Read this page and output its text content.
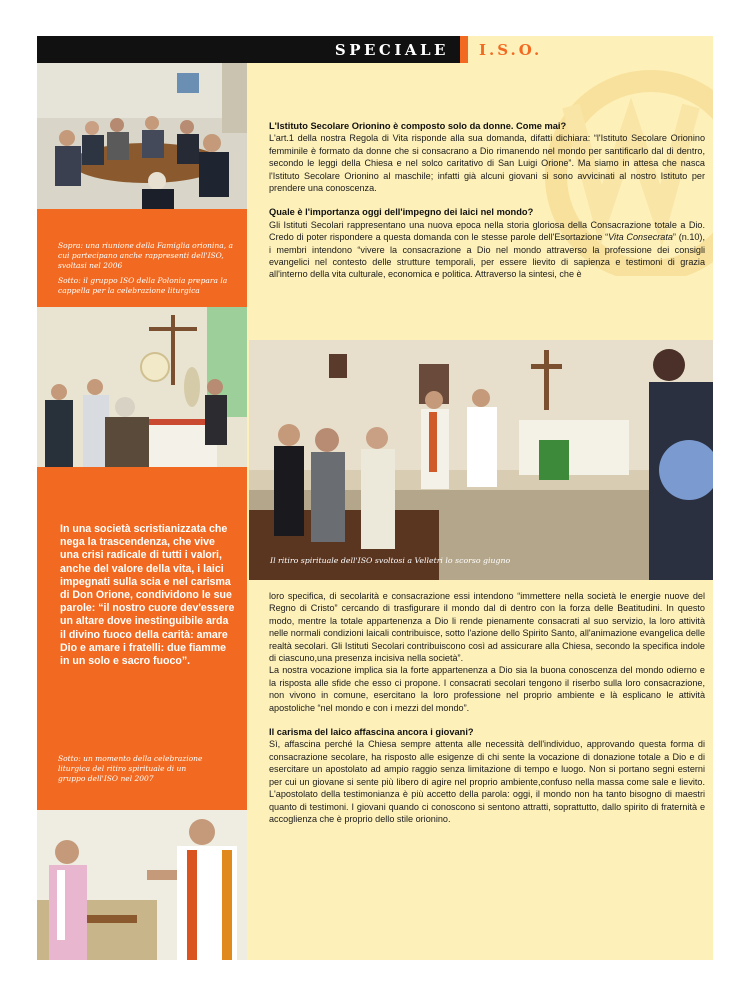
SPECIALE I.S.O.

Sopra: una riunione della Famiglia orionina, a cui partecipano anche rappresenti dell'ISO, svoltasi nel 2006

Sotto: il gruppo ISO della Polonia prepara la cappella per la celebrazione liturgica

In una società scristianizzata che nega la trascendenza, che vive una crisi radicale di tutti i valori, anche del valore della vita, i laici impegnati sulla scia e nel carisma di Don Orione, condividono le sue parole: “il nostro cuore dev'essere un altare dove inestinguibile arda il divino fuoco della carità: amare Dio e amare i fratelli: due fiamme in un solo e sacro fuoco”.

Sotto: un momento della celebrazione liturgica del ritiro spirituale di un gruppo dell'ISO nel 2007

L'Istituto Secolare Orionino è composto solo da donne. Come mai?

L'art.1 della nostra Regola di Vita risponde alla sua domanda, difatti dichiara: “l'Istituto Secolare Orionino femminile è formato da donne che si consacrano a Dio rimanendo nel mondo per santificarlo dal di dentro, secondo le leggi della Chiesa e nel solco caritativo di San Luigi Orione”. Ma siamo in attesa che nasca l'Istituto Secolare Orionino al maschile; infatti già alcuni giovani si sono avvicinati al nostro Istituto per prendere una conoscenza.

Quale è l'importanza oggi dell'impegno dei laici nel mondo?

Gli Istituti Secolari rappresentano una nuova epoca nella storia gloriosa della Consacrazione totale a Dio. Credo di poter rispondere a questa domanda con le stesse parole dell'Esortazione “Vita Consecrata” (n.10), i membri intendono “vivere la consacrazione a Dio nel mondo attraverso la professione dei consigli evangelici nel contesto delle strutture temporali, per essere lievito di sapienza e testimoni di grazia all'interno della vita culturale, economica e politica. Attraverso la sintesi, che è

Il ritiro spirituale dell'ISO svoltosi a Velletri lo scorso giugno

loro specifica, di secolarità e consacrazione essi intendono “immettere nella società le energie nuove del Regno di Cristo” cercando di trasfigurare il mondo dal di dentro con la forza delle Beatitudini. In questo modo, mentre la totale appartenenza a Dio li rende pienamente consacrati al suo servizio, la loro attività nelle normali condizioni laicali contribuisce, sotto l'azione dello Spirito Santo, all'animazione evangelica delle realtà secolari. Gli Istituti Secolari contribuiscono così ad assicurare alla Chiesa, secondo la specifica indole di ciascuno,una presenza incisiva nella società”.

La nostra vocazione implica sia la forte appartenenza a Dio sia la buona conoscenza del mondo odierno e la risposta alle sfide che esso ci propone. I consacrati secolari tengono il riserbo sulla loro consacrazione, non vivono in comune, esercitano la loro professione nel proprio ambiente e là esplicano le attività apostoliche “nel mondo e con i mezzi del mondo”.

Il carisma del laico affascina ancora i giovani?

Sì, affascina perché la Chiesa sempre attenta alle necessità dell'individuo, approvando questa forma di consacrazione secolare, ha risposto alle esigenze di chi sente la vocazione di donazione totale a Dio e di esercitare un apostolato ad ampio raggio senza limitazione di tempo e luogo. Non si portano segni esterni per cui un giovane si sente più libero di agire nel proprio ambiente,confuso nella massa come sale e lievito. L'apostolato della testimonianza è più accetto della parola: oggi, il mondo non ha tanto bisogno di maestri quanto di testimoni. I giovani quando ci conoscono si sentono attratti, soprattutto, dallo spirito di fraternità e accoglienza che è proprio dello stile orionino.
